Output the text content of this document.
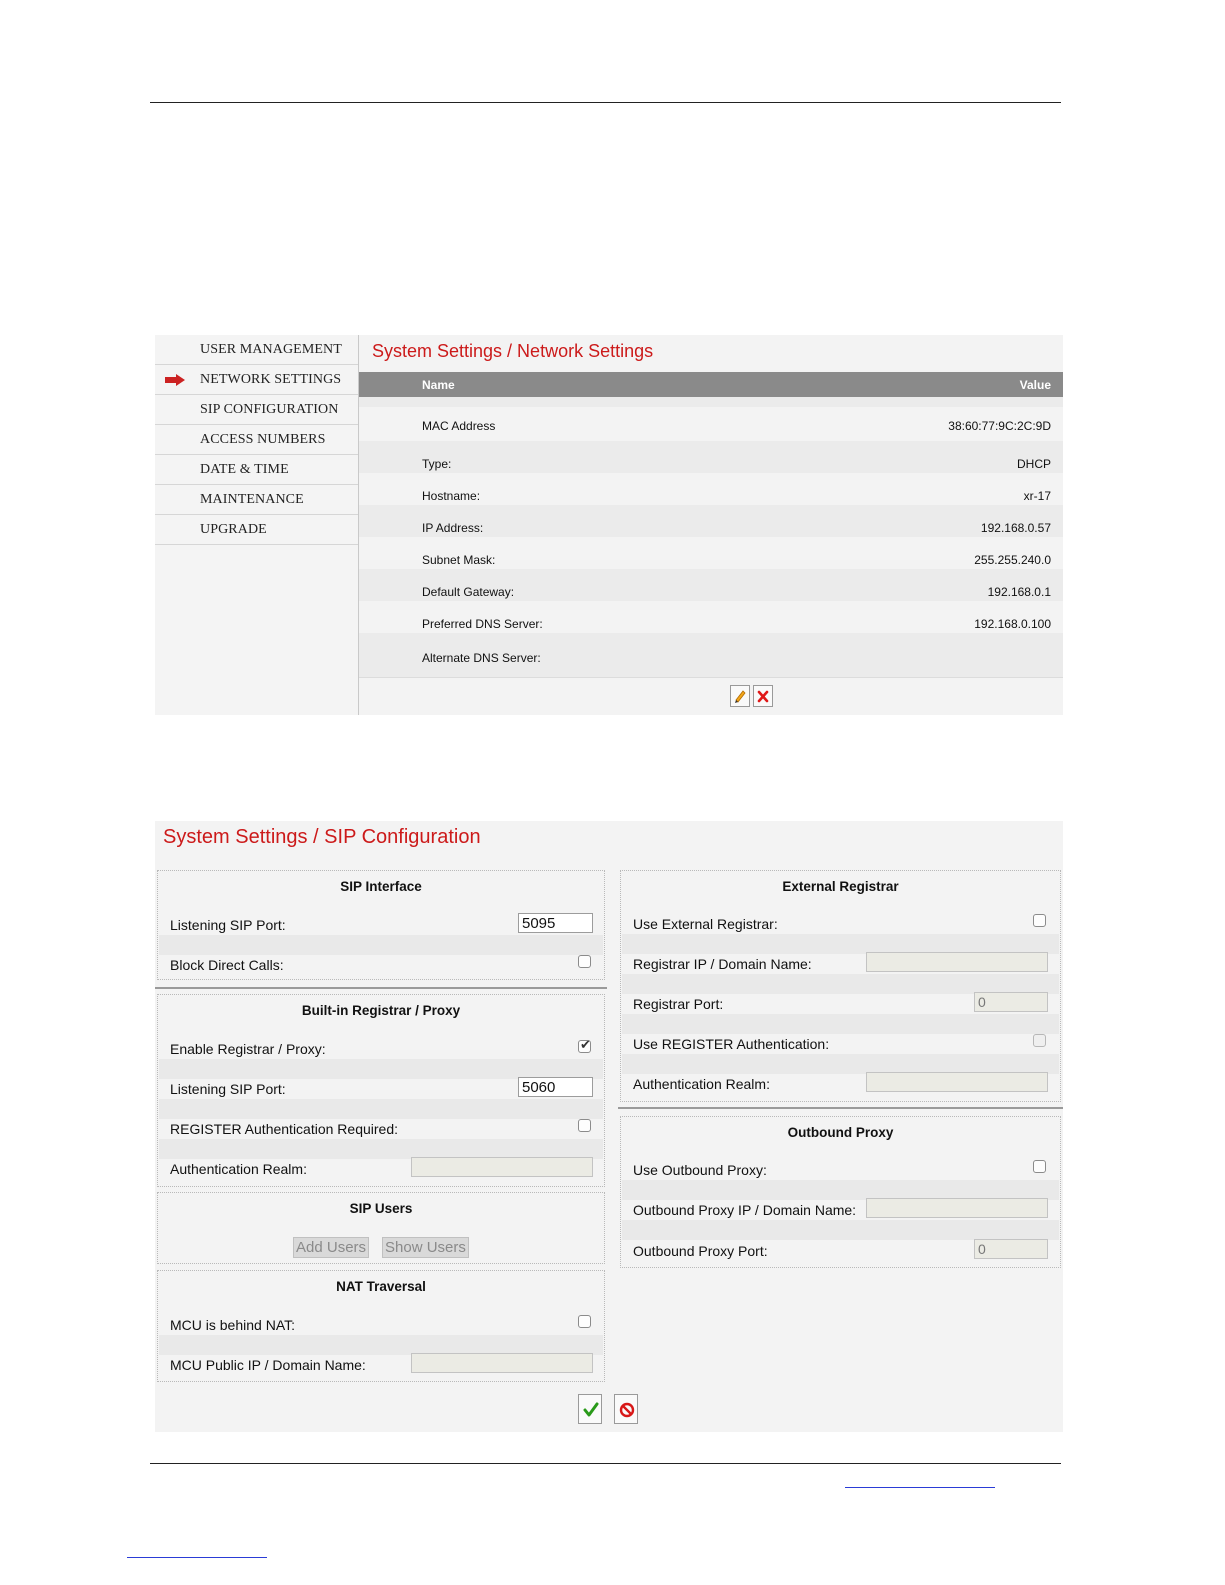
USER MANAGEMENT
NETWORK SETTINGS
SIP CONFIGURATION
ACCESS NUMBERS
DATE & TIME
MAINTENANCE
UPGRADE
System Settings / Network Settings
Name	Value
MAC Address	38:60:77:9C:2C:9D
Type:	DHCP
Hostname:	xr-17
IP Address:	192.168.0.57
Subnet Mask:	255.255.240.0
Default Gateway:	192.168.0.1
Preferred DNS Server:	192.168.0.100
Alternate DNS Server:
System Settings / SIP Configuration
SIP Interface
Listening SIP Port:
5095
Block Direct Calls:
Built-in Registrar / Proxy
Enable Registrar / Proxy:	✔
Listening SIP Port:
5060
REGISTER Authentication Required:
Authentication Realm:
SIP Users
Add Users Show Users
NAT Traversal
MCU is behind NAT:
MCU Public IP / Domain Name:
External Registrar
Use External Registrar:
Registrar IP / Domain Name:
Registrar Port:
0
Use REGISTER Authentication:
Authentication Realm:
Outbound Proxy
Use Outbound Proxy:
Outbound Proxy IP / Domain Name:
Outbound Proxy Port:
0
